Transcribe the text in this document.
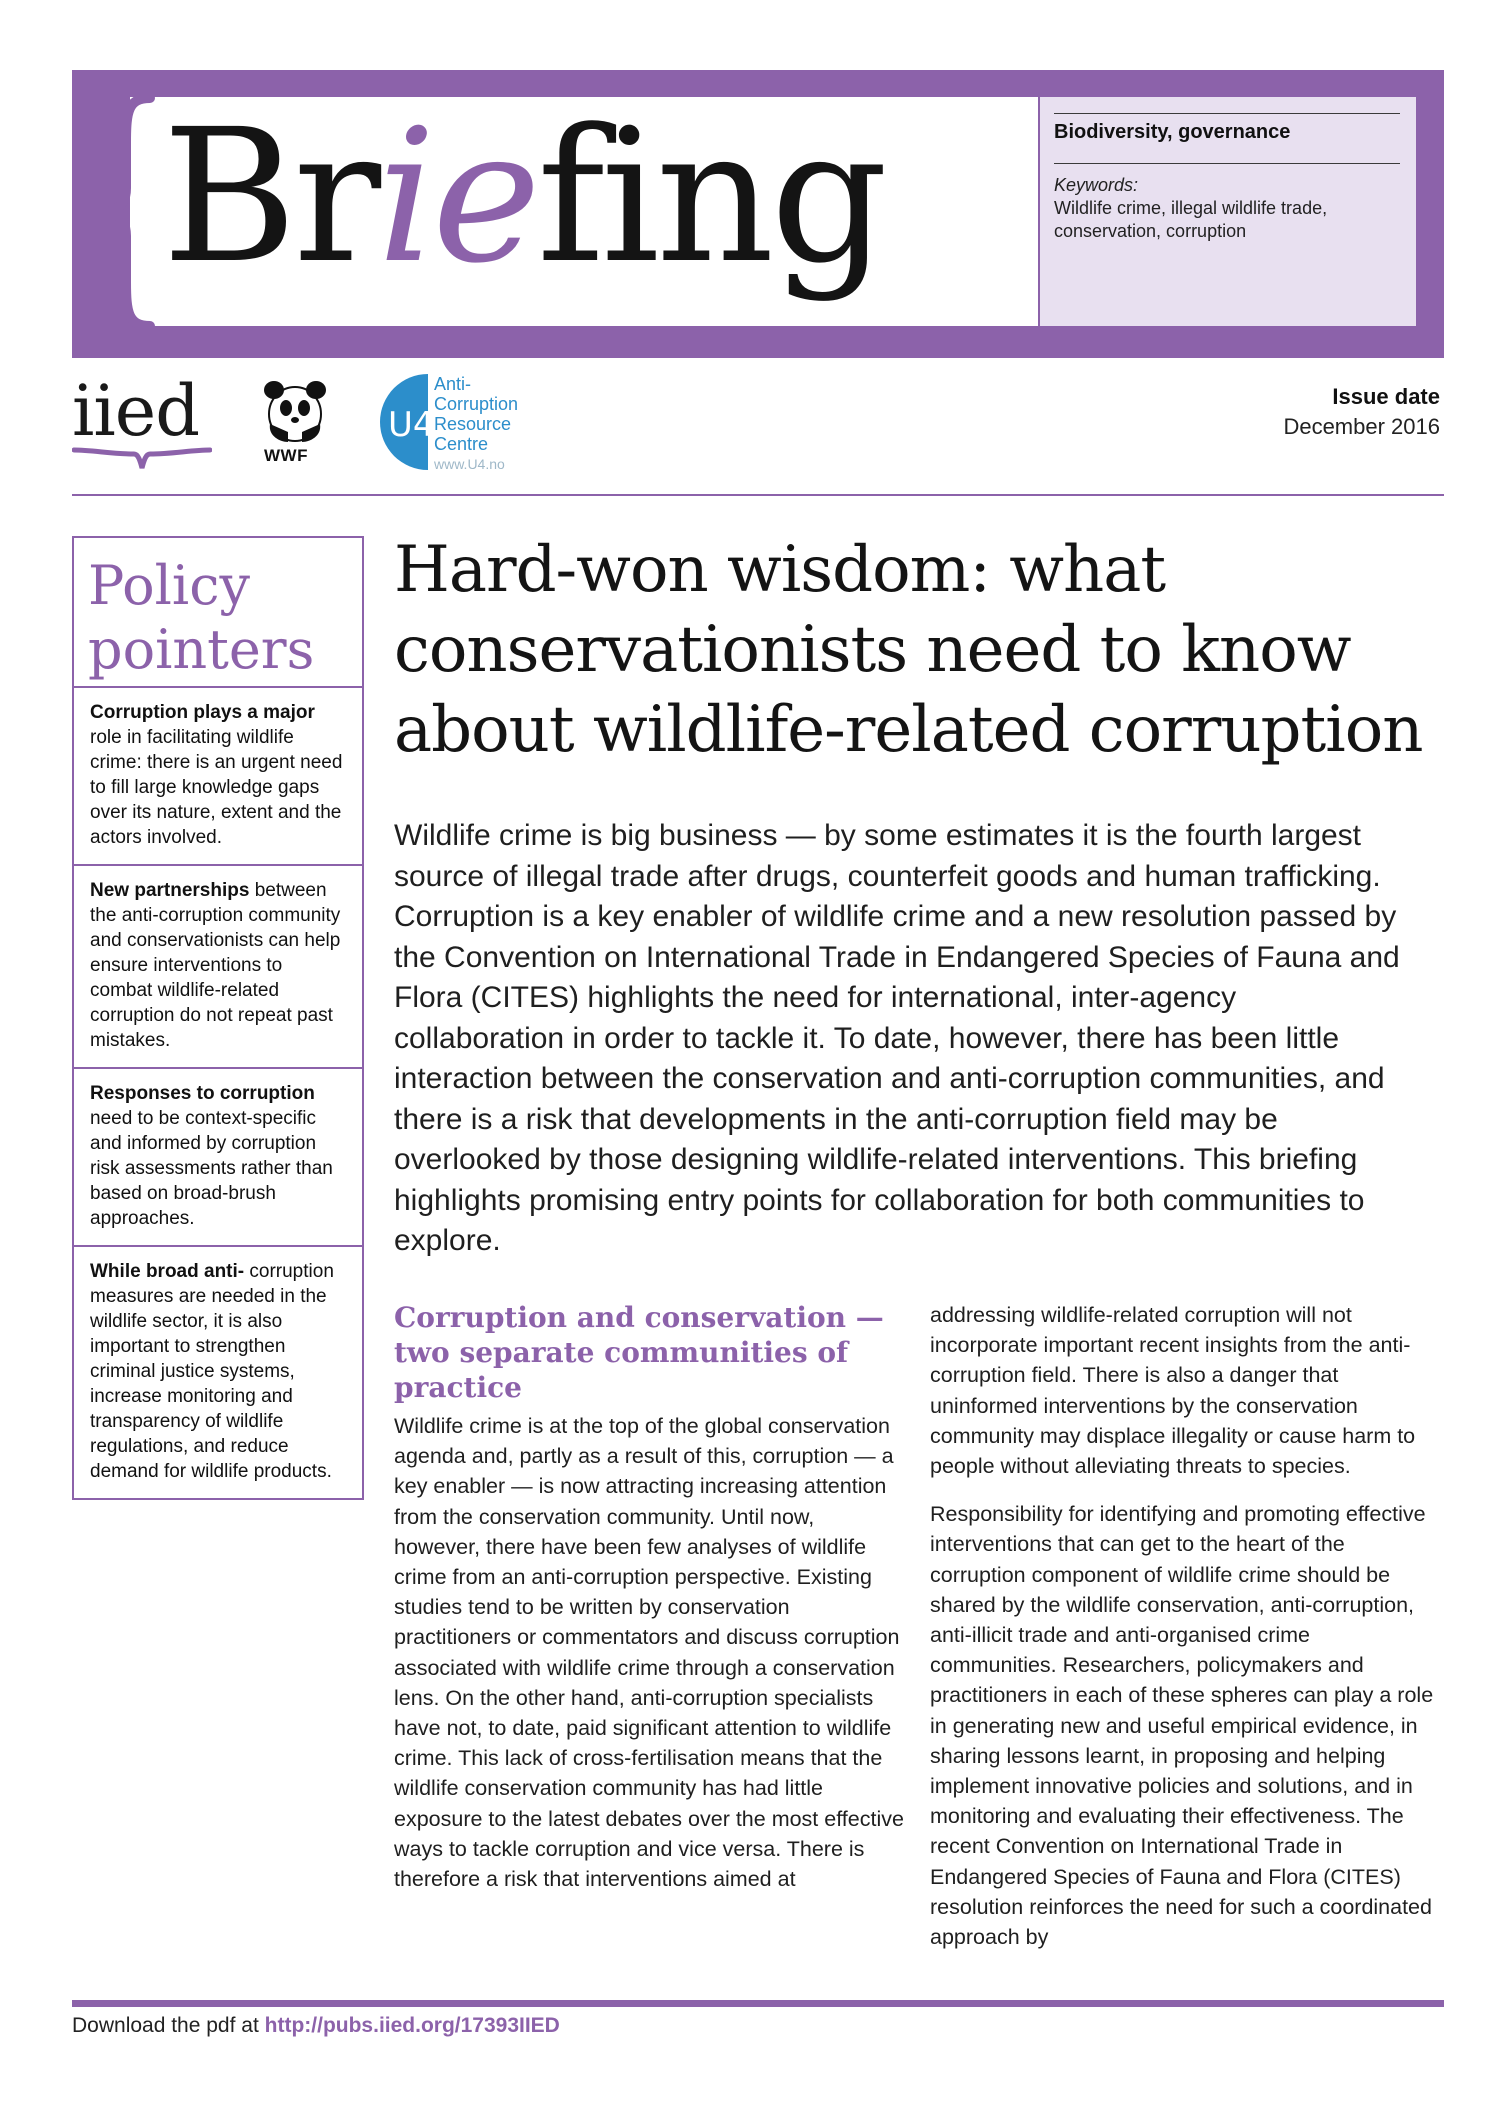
Briefing	Biodiversity, governance
Keywords:
Wildlife crime, illegal wildlife trade, conservation, corruption
iied
WWF
U4
Anti-
Corruption
Resource
Centre
www.U4.no
Issue date
December 2016
Policy
pointers
Corruption plays a major role in facilitating wildlife crime: there is an urgent need to fill large knowledge gaps over its nature, extent and the actors involved.
New partnerships between the anti-corruption community and conservationists can help ensure interventions to combat wildlife-related corruption do not repeat past mistakes.
Responses to corruption need to be context-specific and informed by corruption risk assessments rather than based on broad-brush approaches.
While broad anti- corruption measures are needed in the wildlife sector, it is also important to strengthen criminal justice systems, increase monitoring and transparency of wildlife regulations, and reduce demand for wildlife products.
Hard-won wisdom: what conservationists need to know about wildlife-related corruption
Wildlife crime is big business — by some estimates it is the fourth largest source of illegal trade after drugs, counterfeit goods and human trafficking. Corruption is a key enabler of wildlife crime and a new resolution passed by the Convention on International Trade in Endangered Species of Fauna and Flora (CITES) highlights the need for international, inter-agency collaboration in order to tackle it. To date, however, there has been little interaction between the conservation and anti-corruption communities, and there is a risk that developments in the anti-corruption field may be overlooked by those designing wildlife-related interventions. This briefing highlights promising entry points for collaboration for both communities to explore.
Corruption and conservation — two separate communities of practice

Wildlife crime is at the top of the global conservation agenda and, partly as a result of this, corruption — a key enabler — is now attracting increasing attention from the conservation community. Until now, however, there have been few analyses of wildlife crime from an anti-corruption perspective. Existing studies tend to be written by conservation practitioners or commentators and discuss corruption associated with wildlife crime through a conservation lens. On the other hand, anti-corruption specialists have not, to date, paid significant attention to wildlife crime. This lack of cross-fertilisation means that the wildlife conservation community has had little exposure to the latest debates over the most effective ways to tackle corruption and vice versa. There is therefore a risk that interventions aimed at

addressing wildlife-related corruption will not incorporate important recent insights from the anti-corruption field. There is also a danger that uninformed interventions by the conservation community may displace illegality or cause harm to people without alleviating threats to species.

Responsibility for identifying and promoting effective interventions that can get to the heart of the corruption component of wildlife crime should be shared by the wildlife conservation, anti-corruption, anti-illicit trade and anti-organised crime communities. Researchers, policymakers and practitioners in each of these spheres can play a role in generating new and useful empirical evidence, in sharing lessons learnt, in proposing and helping implement innovative policies and solutions, and in monitoring and evaluating their effectiveness. The recent Convention on International Trade in Endangered Species of Fauna and Flora (CITES) resolution reinforces the need for such a coordinated approach by

Download the pdf at http://pubs.iied.org/17393IIED
